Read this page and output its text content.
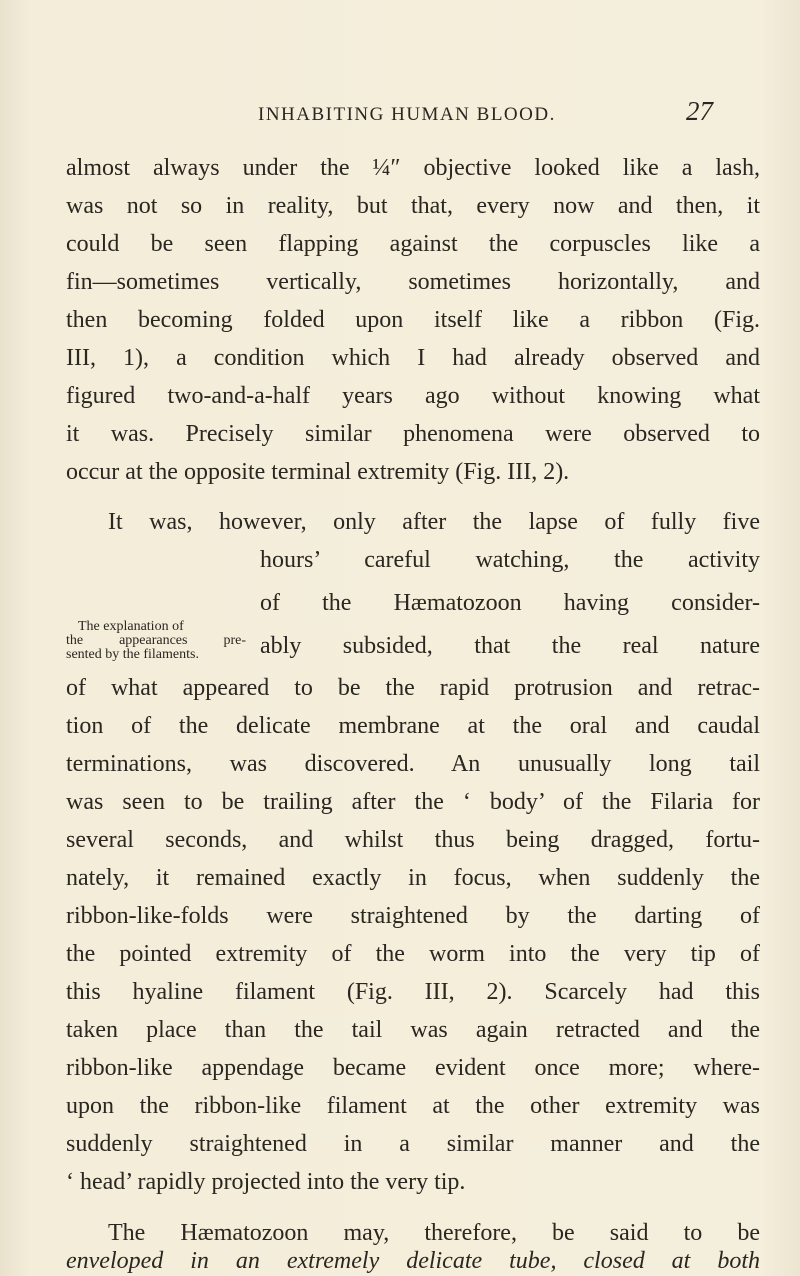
INHABITING HUMAN BLOOD.	27
almost always under the ¼″ objective looked like a lash,
was not so in reality, but that, every now and then, it
could be seen flapping against the corpuscles like a
fin—sometimes vertically, sometimes horizontally, and
then becoming folded upon itself like a ribbon (Fig.
III, 1), a condition which I had already observed and
figured two-and-a-half years ago without knowing what
it was. Precisely similar phenomena were observed to
occur at the opposite terminal extremity (Fig. III, 2).
It was, however, only after the lapse of fully five
hours’ careful watching, the activity
of the Hæmatozoon having consider-
ably subsided, that the real nature
The explanation of
the appearances pre-
sented by the filaments.
of what appeared to be the rapid protrusion and retrac-
tion of the delicate membrane at the oral and caudal
terminations, was discovered. An unusually long tail
was seen to be trailing after the ‘ body’ of the Filaria for
several seconds, and whilst thus being dragged, fortu-
nately, it remained exactly in focus, when suddenly the
ribbon-like-folds were straightened by the darting of
the pointed extremity of the worm into the very tip of
this hyaline filament (Fig. III, 2). Scarcely had this
taken place than the tail was again retracted and the
ribbon-like appendage became evident once more; where-
upon the ribbon-like filament at the other extremity was
suddenly straightened in a similar manner and the
‘ head’ rapidly projected into the very tip.
The Hæmatozoon may, therefore, be said to be
enveloped in an extremely delicate tube, closed at both
